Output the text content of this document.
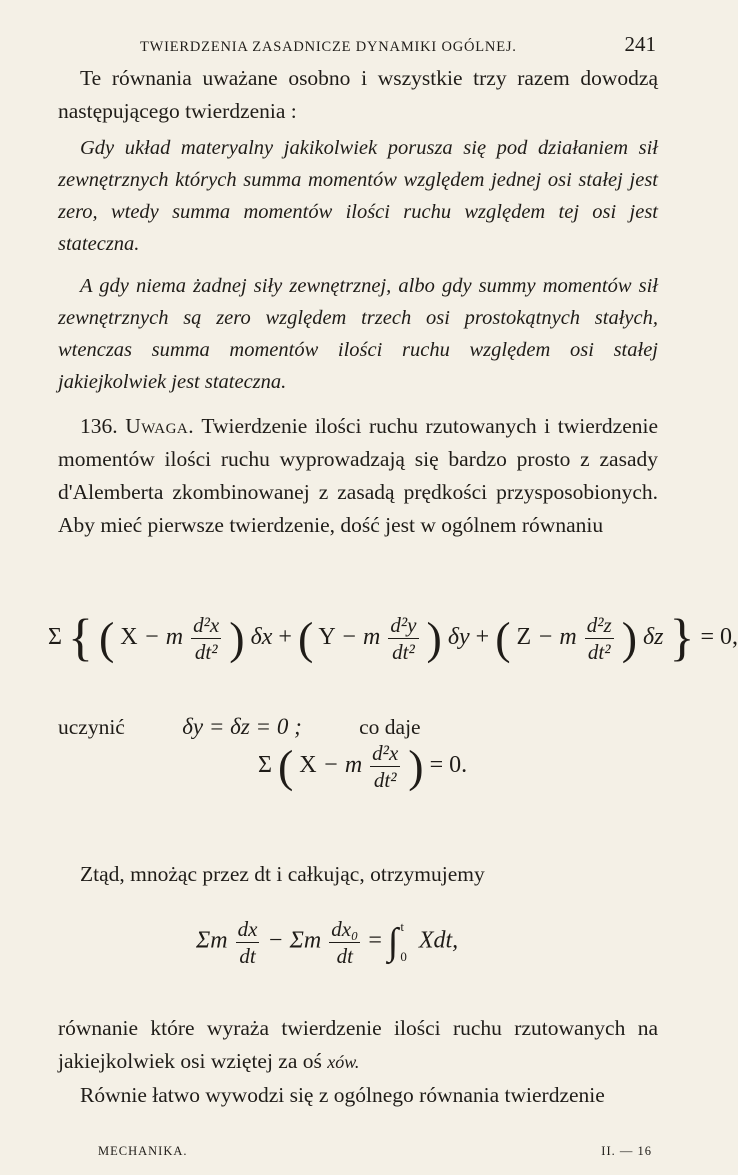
TWIERDZENIA ZASADNICZE DYNAMIKI OGÓLNEJ.	241

Te równania uważane osobno i wszystkie trzy razem dowodzą następującego twierdzenia :

Gdy układ materyalny jakikolwiek porusza się pod działaniem sił zewnętrznych których summa momentów względem jednej osi stałej jest zero, wtedy summa momentów ilości ruchu względem tej osi jest stateczna.

A gdy niema żadnej siły zewnętrznej, albo gdy summy momentów sił zewnętrznych są zero względem trzech osi prostokątnych stałych, wtenczas summa momentów ilości ruchu względem osi stałej jakiejkolwiek jest stateczna.

136. Uwaga. Twierdzenie ilości ruchu rzutowanych i twierdzenie momentów ilości ruchu wyprowadzają się bardzo prosto z zasady d'Alemberta zkombinowanej z zasadą prędkości przysposobionych. Aby mieć pierwsze twierdzenie, dość jest w ogólnem równaniu

Σ { ( X − m $\frac{\text{d²x}}{\text{dt²}}$ ) δx + ( Y − m $\frac{\text{d²y}}{\text{dt²}}$ ) δy + ( Z − m $\frac{\text{d²z}}{\text{dt²}}$ ) δz } = 0,
uczynić δy = δz = 0 ;	co daje
Σ ( X − m $\frac{\text{d²x}}{\text{dt²}}$ ) = 0.

Ztąd, mnożąc przez dt i całkując, otrzymujemy

Σm $\frac{dx}{dt} - \Sigma m \frac{\text{dx₀}}{dt}$ = ∫ t
0
Xdt,

równanie które wyraża twierdzenie ilości ruchu rzutowanych na jakiejkolwiek osi wziętej za oś xów.

Równie łatwo wywodzi się z ogólnego równania twierdzenie

MECHANIKA.	II. — 16
